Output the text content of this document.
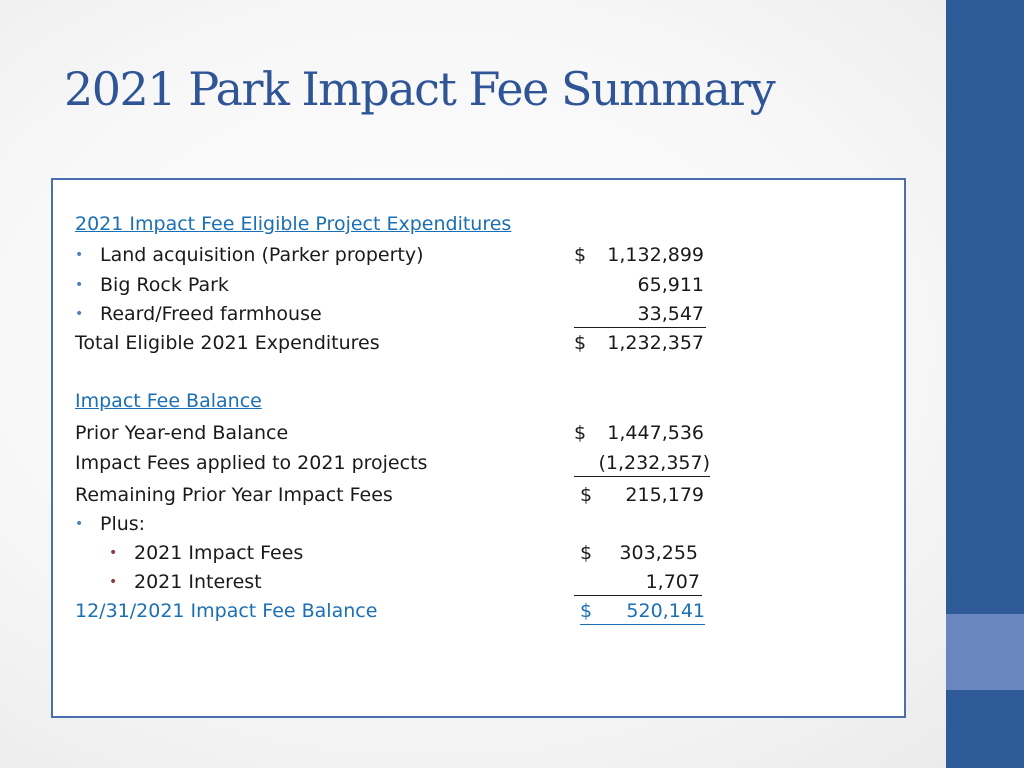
2021 Park Impact Fee Summary
2021 Impact Fee Eligible Project Expenditures
• Land acquisition (Parker property)	$ 1,132,899
• Big Rock Park	65,911
• Reard/Freed farmhouse	33,547
Total Eligible 2021 Expenditures	$ 1,232,357
Impact Fee Balance
Prior Year-end Balance	$ 1,447,536
Impact Fees applied to 2021 projects	(1,232,357)
Remaining Prior Year Impact Fees	$ 215,179
• Plus:
• 2021 Impact Fees	$ 303,255
• 2021 Interest	1,707
12/31/2021 Impact Fee Balance	$ 520,141
